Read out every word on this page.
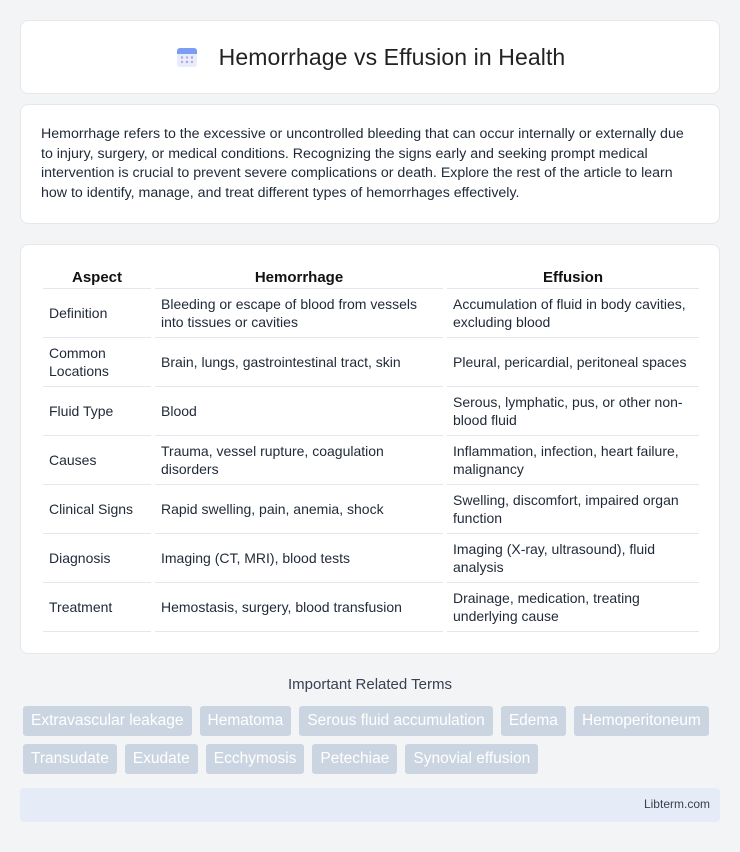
Hemorrhage vs Effusion in Health

Hemorrhage refers to the excessive or uncontrolled bleeding that can occur internally or externally due to injury, surgery, or medical conditions. Recognizing the signs early and seeking prompt medical intervention is crucial to prevent severe complications or death. Explore the rest of the article to learn how to identify, manage, and treat different types of hemorrhages effectively.

Aspect		Hemorrhage		Effusion
Definition		Bleeding or escape of blood from vessels into tissues or cavities		Accumulation of fluid in body cavities, excluding blood
Common Locations		Brain, lungs, gastrointestinal tract, skin		Pleural, pericardial, peritoneal spaces
Fluid Type		Blood		Serous, lymphatic, pus, or other non-blood fluid
Causes		Trauma, vessel rupture, coagulation disorders		Inflammation, infection, heart failure, malignancy
Clinical Signs		Rapid swelling, pain, anemia, shock		Swelling, discomfort, impaired organ function
Diagnosis		Imaging (CT, MRI), blood tests		Imaging (X-ray, ultrasound), fluid analysis
Treatment		Hemostasis, surgery, blood transfusion		Drainage, medication, treating underlying cause
Important Related Terms
Extravascular leakage	Hematoma	Serous fluid accumulation	Edema	Hemoperitoneum
Transudate	Exudate	Ecchymosis	Petechiae	Synovial effusion
Libterm.com
